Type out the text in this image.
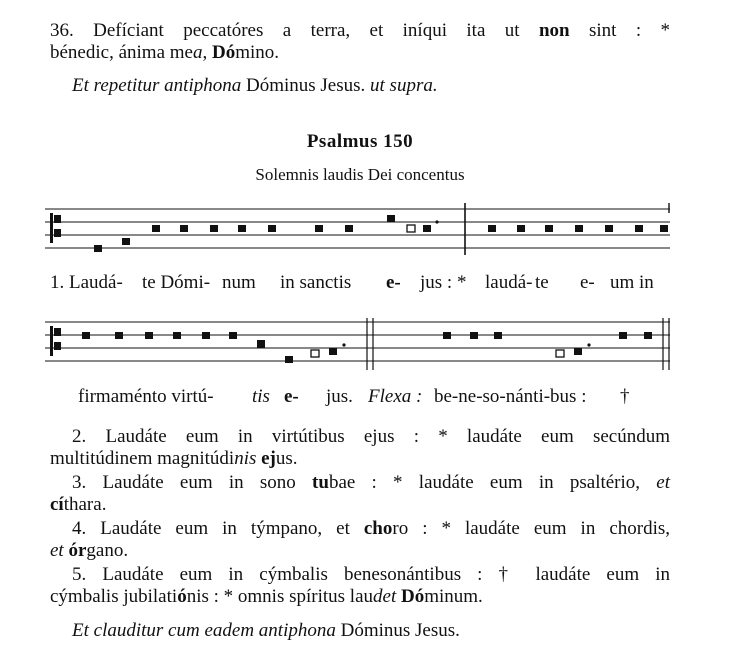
36. Defíciant peccatóres a terra, et iníqui ita ut non sint : *
bénedic, ánima mea, Dómino.
Et repetitur antiphona Dóminus Jesus. ut supra.
Psalmus 150
Solemnis laudis Dei concentus
1. Laudá- te Dómi- num in sanctis e- jus : * laudá- te e- um in
firmaménto virtú- tis e- jus. Flexa : be-ne-so-nánti-bus : †
2. Laudáte eum in virtútibus ejus : * laudáte eum secúndum
multitúdinem magnitúdinis ejus.
3. Laudáte eum in sono tubae : * laudáte eum in psaltério, et
cíthara.
4. Laudáte eum in týmpano, et choro : * laudáte eum in chordis,
et órgano.
5. Laudáte eum in cýmbalis benesonántibus : † laudáte eum in
cýmbalis jubilatiónis : * omnis spíritus laudet Dóminum.
Et clauditur cum eadem antiphona Dóminus Jesus.
